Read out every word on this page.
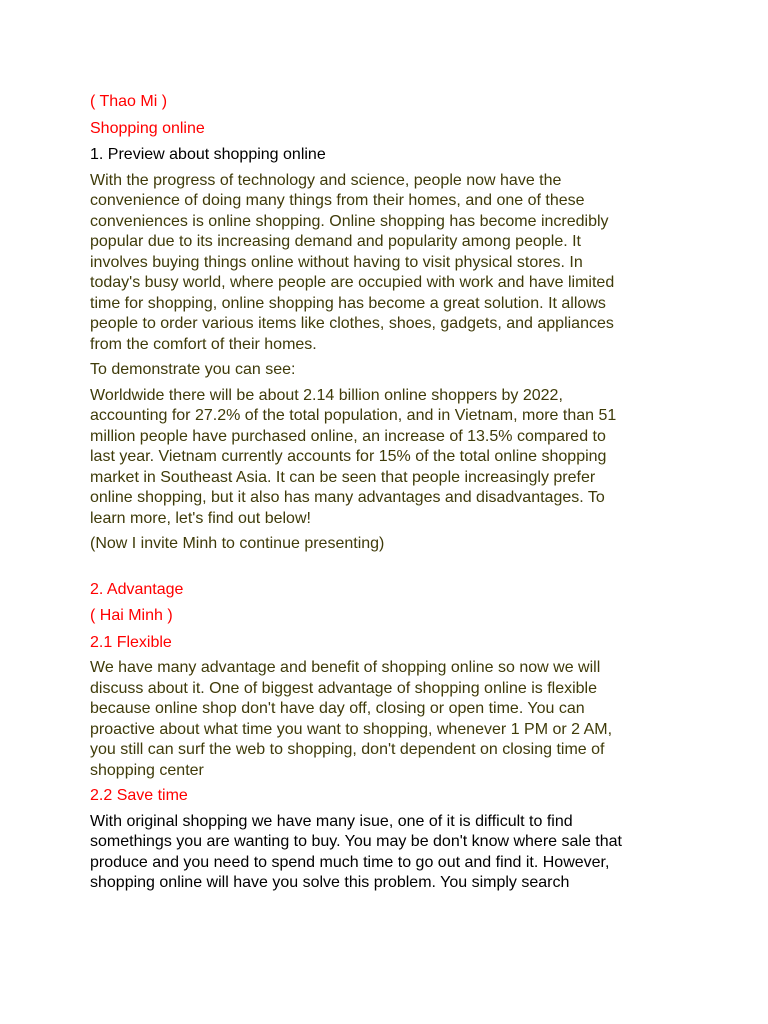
( Thao Mi )

Shopping online

1. Preview about shopping online

With the progress of technology and science, people now have the

convenience of doing many things from their homes, and one of these

conveniences is online shopping. Online shopping has become incredibly

popular due to its increasing demand and popularity among people. It

involves buying things online without having to visit physical stores. In

today's busy world, where people are occupied with work and have limited

time for shopping, online shopping has become a great solution. It allows

people to order various items like clothes, shoes, gadgets, and appliances

from the comfort of their homes.

To demonstrate you can see:

Worldwide there will be about 2.14 billion online shoppers by 2022,

accounting for 27.2% of the total population, and in Vietnam, more than 51

million people have purchased online, an increase of 13.5% compared to

last year. Vietnam currently accounts for 15% of the total online shopping

market in Southeast Asia. It can be seen that people increasingly prefer

online shopping, but it also has many advantages and disadvantages. To

learn more, let's find out below!

(Now I invite Minh to continue presenting)

2. Advantage

( Hai Minh )

2.1 Flexible

We have many advantage and benefit of shopping online so now we will

discuss about it. One of biggest advantage of shopping online is flexible

because online shop don't have day off, closing or open time. You can

proactive about what time you want to shopping, whenever 1 PM or 2 AM,

you still can surf the web to shopping, don't dependent on closing time of

shopping center

2.2 Save time

With original shopping we have many isue, one of it is difficult to find

somethings you are wanting to buy. You may be don't know where sale that

produce and you need to spend much time to go out and find it. However,

shopping online will have you solve this problem. You simply search
